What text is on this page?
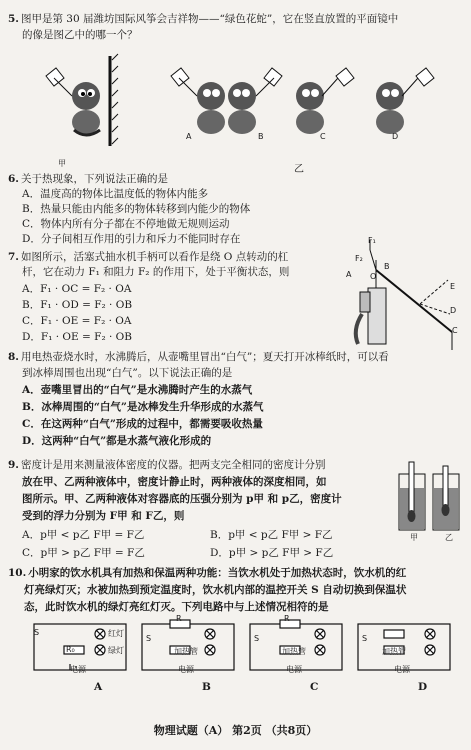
5. 图甲是第 30 届潍坊国际风筝会吉祥物——“绿色花蛇”，它在竖直放置的平面镜中
的像是图乙中的哪一个？
甲
A	B	C	D
乙
6. 关于热现象，下列说法正确的是
A．温度高的物体比温度低的物体内能多
B．热量只能由内能多的物体转移到内能少的物体
C．物体内所有分子都在不停地做无规则运动
D．分子间相互作用的引力和斥力不能同时存在
7. 如图所示，活塞式抽水机手柄可以看作是绕 O 点转动的杠
杆，它在动力 F₁ 和阻力 F₂ 的作用下，处于平衡状态，则
A．F₁ · OC = F₂ · OA
B．F₁ · OD = F₂ · OB
C．F₁ · OE = F₂ · OA
D．F₁ · OE = F₂ · OB
F₁
F₂
O
A
B
C
D
E
8. 用电热壶烧水时，水沸腾后，从壶嘴里冒出“白气”；夏天打开冰棒纸时，可以看
到冰棒周围也出现“白气”。以下说法正确的是
A．壶嘴里冒出的“白气”是水沸腾时产生的水蒸气
B．冰棒周围的“白气”是冰棒发生升华形成的水蒸气
C．在这两种“白气”形成的过程中，都需要吸收热量
D．这两种“白气”都是水蒸气液化形成的
9. 密度计是用来测量液体密度的仪器。把两支完全相同的密度计分别
放在甲、乙两种液体中，密度计静止时，两种液体的深度相同，如
图所示。甲、乙两种液体对容器底的压强分别为 p甲 和 p乙，密度计
受到的浮力分别为 F甲 和 F乙，则
A．p甲 < p乙 F甲 = F乙	B．p甲 < p乙 F甲 > F乙
C．p甲 > p乙 F甲 = F乙	D．p甲 > p乙 F甲 > F乙
甲	乙
10. 小明家的饮水机具有加热和保温两种功能：当饮水机处于加热状态时，饮水机的红
灯亮绿灯灭；水被加热到预定温度时，饮水机内部的温控开关 S 自动切换到保温状
态，此时饮水机的绿灯亮红灯灭。下列电路中与上述情况相符的是
S
R₀
红灯
绿灯
电源
R
S
加热管
电源
R
S
加热管
电源
S
加热管
电源
A	B	C	D
物理试题（A） 第2页 （共8页）
